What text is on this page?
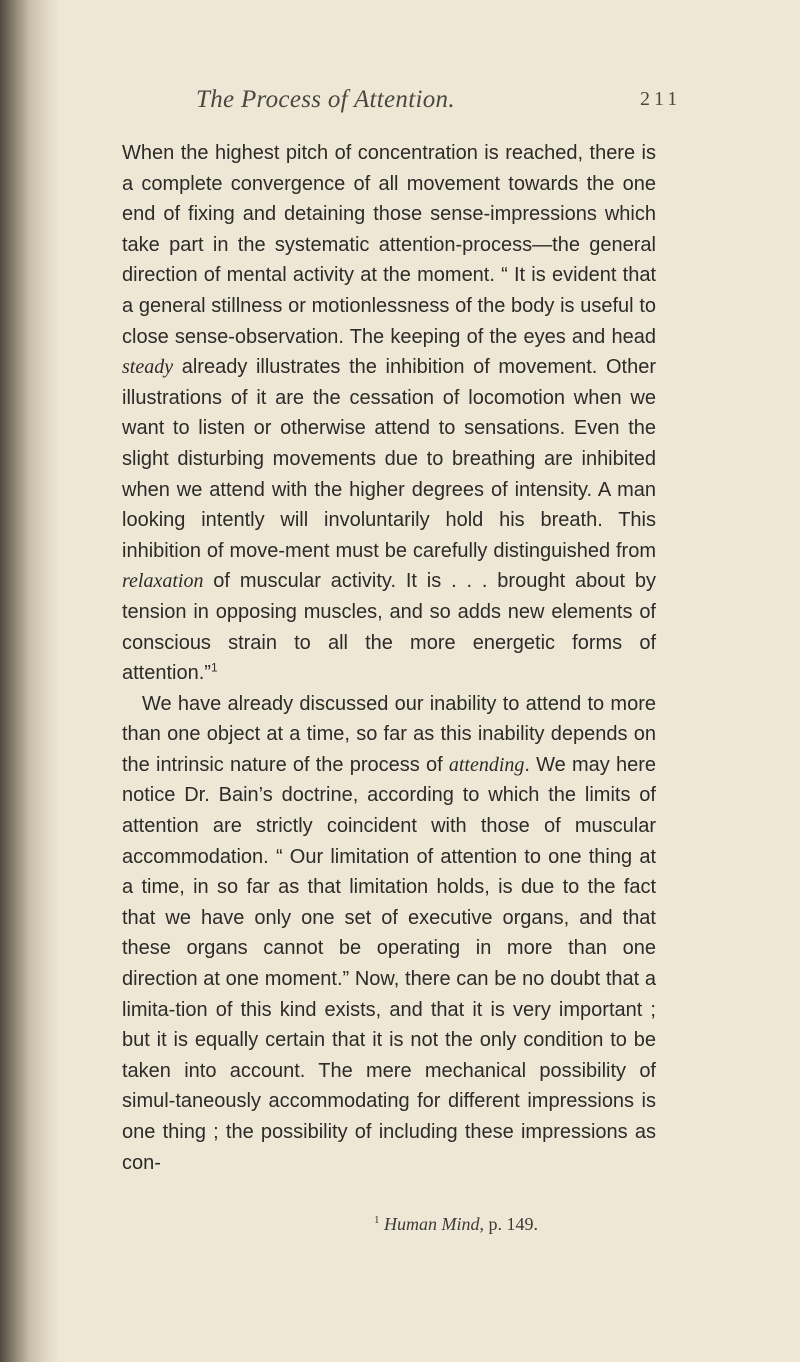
The Process of Attention.	211

When the highest pitch of concentration is reached, there is a complete convergence of all movement towards the one end of fixing and detaining those sense-impressions which take part in the systematic attention-process—the general direction of mental activity at the moment. “ It is evident that a general stillness or motionlessness of the body is useful to close sense-observation. The keeping of the eyes and head steady already illustrates the inhibition of movement. Other illustrations of it are the cessation of locomotion when we want to listen or otherwise attend to sensations. Even the slight disturbing movements due to breathing are inhibited when we attend with the higher degrees of intensity. A man looking intently will involuntarily hold his breath. This inhibition of move-ment must be carefully distinguished from relaxation of muscular activity. It is . . . brought about by tension in opposing muscles, and so adds new elements of conscious strain to all the more energetic forms of attention.”$^1$

We have already discussed our inability to attend to more than one object at a time, so far as this inability depends on the intrinsic nature of the process of attending. We may here notice Dr. Bain’s doctrine, according to which the limits of attention are strictly coincident with those of muscular accommodation. “ Our limitation of attention to one thing at a time, in so far as that limitation holds, is due to the fact that we have only one set of executive organs, and that these organs cannot be operating in more than one direction at one moment.” Now, there can be no doubt that a limita-tion of this kind exists, and that it is very important ; but it is equally certain that it is not the only condition to be taken into account. The mere mechanical possibility of simul-taneously accommodating for different impressions is one thing ; the possibility of including these impressions as con-

$^1$ Human Mind, p. 149.
